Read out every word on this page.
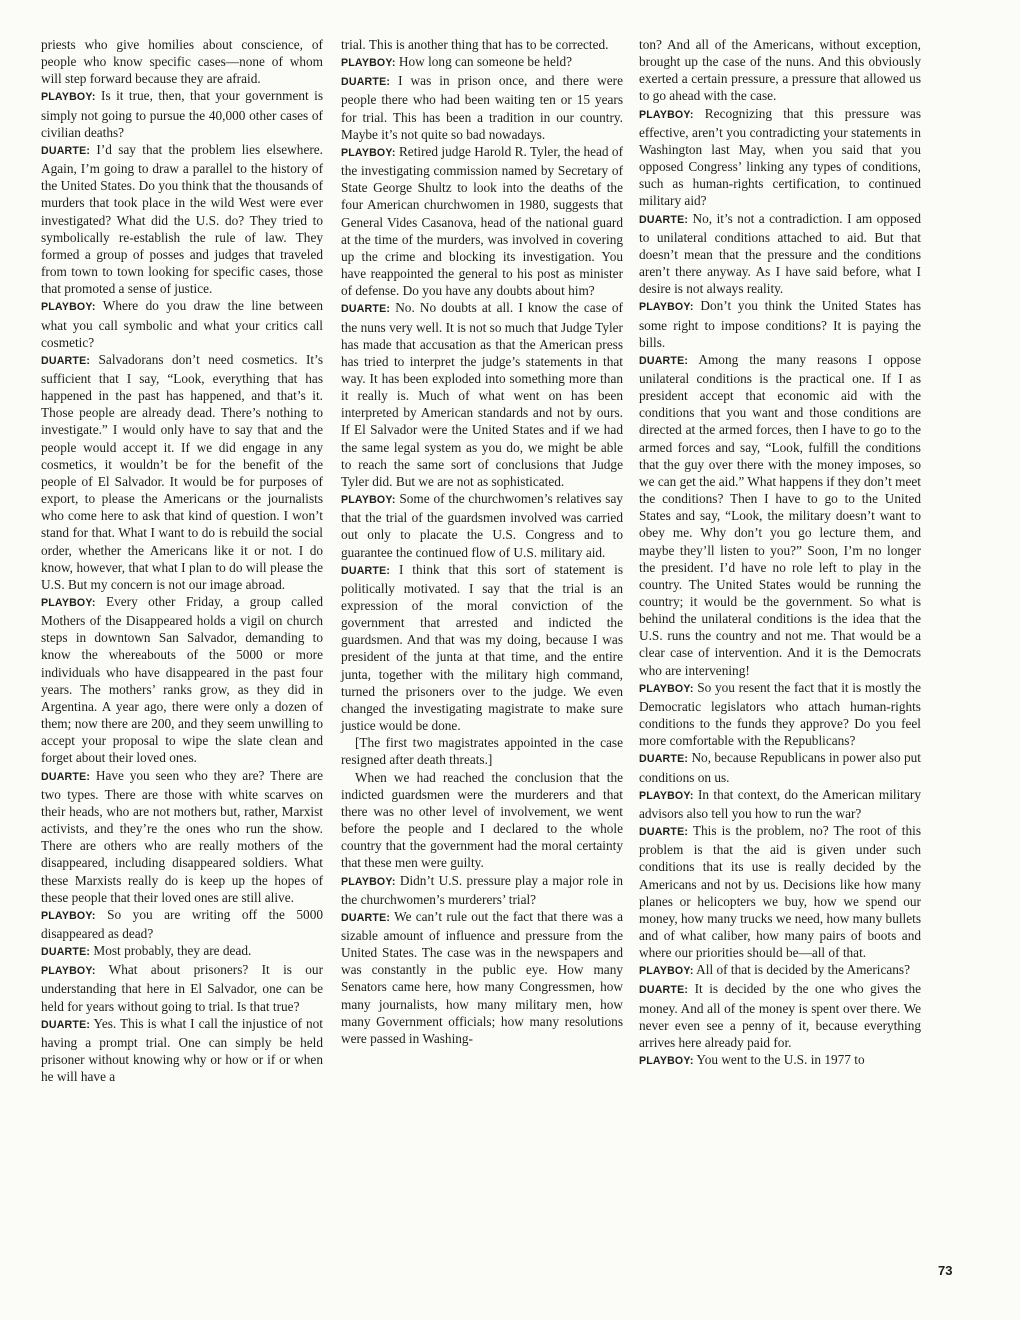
priests who give homilies about conscience, of people who know specific cases—none of whom will step forward because they are afraid.

PLAYBOY: Is it true, then, that your government is simply not going to pursue the 40,000 other cases of civilian deaths?

DUARTE: I’d say that the problem lies elsewhere. Again, I’m going to draw a parallel to the history of the United States. Do you think that the thousands of murders that took place in the wild West were ever investigated? What did the U.S. do? They tried to symbolically re-establish the rule of law. They formed a group of posses and judges that traveled from town to town looking for specific cases, those that promoted a sense of justice.

PLAYBOY: Where do you draw the line between what you call symbolic and what your critics call cosmetic?

DUARTE: Salvadorans don’t need cosmetics. It’s sufficient that I say, “Look, everything that has happened in the past has happened, and that’s it. Those people are already dead. There’s nothing to investigate.” I would only have to say that and the people would accept it. If we did engage in any cosmetics, it wouldn’t be for the benefit of the people of El Salvador. It would be for purposes of export, to please the Americans or the journalists who come here to ask that kind of question. I won’t stand for that. What I want to do is rebuild the social order, whether the Americans like it or not. I do know, however, that what I plan to do will please the U.S. But my concern is not our image abroad.

PLAYBOY: Every other Friday, a group called Mothers of the Disappeared holds a vigil on church steps in downtown San Salvador, demanding to know the whereabouts of the 5000 or more individuals who have disappeared in the past four years. The mothers’ ranks grow, as they did in Argentina. A year ago, there were only a dozen of them; now there are 200, and they seem unwilling to accept your proposal to wipe the slate clean and forget about their loved ones.

DUARTE: Have you seen who they are? There are two types. There are those with white scarves on their heads, who are not mothers but, rather, Marxist activists, and they’re the ones who run the show. There are others who are really mothers of the disappeared, including disappeared soldiers. What these Marxists really do is keep up the hopes of these people that their loved ones are still alive.

PLAYBOY: So you are writing off the 5000 disappeared as dead?

DUARTE: Most probably, they are dead.

PLAYBOY: What about prisoners? It is our understanding that here in El Salvador, one can be held for years without going to trial. Is that true?

DUARTE: Yes. This is what I call the injustice of not having a prompt trial. One can simply be held prisoner without knowing why or how or if or when he will have a

trial. This is another thing that has to be corrected.

PLAYBOY: How long can someone be held?

DUARTE: I was in prison once, and there were people there who had been waiting ten or 15 years for trial. This has been a tradition in our country. Maybe it’s not quite so bad nowadays.

PLAYBOY: Retired judge Harold R. Tyler, the head of the investigating commission named by Secretary of State George Shultz to look into the deaths of the four American churchwomen in 1980, suggests that General Vides Casanova, head of the national guard at the time of the murders, was involved in covering up the crime and blocking its investigation. You have reappointed the general to his post as minister of defense. Do you have any doubts about him?

DUARTE: No. No doubts at all. I know the case of the nuns very well. It is not so much that Judge Tyler has made that accusation as that the American press has tried to interpret the judge’s statements in that way. It has been exploded into something more than it really is. Much of what went on has been interpreted by American standards and not by ours. If El Salvador were the United States and if we had the same legal system as you do, we might be able to reach the same sort of conclusions that Judge Tyler did. But we are not as sophisticated.

PLAYBOY: Some of the churchwomen’s relatives say that the trial of the guardsmen involved was carried out only to placate the U.S. Congress and to guarantee the continued flow of U.S. military aid.

DUARTE: I think that this sort of statement is politically motivated. I say that the trial is an expression of the moral conviction of the government that arrested and indicted the guardsmen. And that was my doing, because I was president of the junta at that time, and the entire junta, together with the military high command, turned the prisoners over to the judge. We even changed the investigating magistrate to make sure justice would be done.

[The first two magistrates appointed in the case resigned after death threats.]

When we had reached the conclusion that the indicted guardsmen were the murderers and that there was no other level of involvement, we went before the people and I declared to the whole country that the government had the moral certainty that these men were guilty.

PLAYBOY: Didn’t U.S. pressure play a major role in the churchwomen’s murderers’ trial?

DUARTE: We can’t rule out the fact that there was a sizable amount of influence and pressure from the United States. The case was in the newspapers and was constantly in the public eye. How many Senators came here, how many Congressmen, how many journalists, how many military men, how many Government officials; how many resolutions were passed in Washing-

ton? And all of the Americans, without exception, brought up the case of the nuns. And this obviously exerted a certain pressure, a pressure that allowed us to go ahead with the case.

PLAYBOY: Recognizing that this pressure was effective, aren’t you contradicting your statements in Washington last May, when you said that you opposed Congress’ linking any types of conditions, such as human-rights certification, to continued military aid?

DUARTE: No, it’s not a contradiction. I am opposed to unilateral conditions attached to aid. But that doesn’t mean that the pressure and the conditions aren’t there anyway. As I have said before, what I desire is not always reality.

PLAYBOY: Don’t you think the United States has some right to impose conditions? It is paying the bills.

DUARTE: Among the many reasons I oppose unilateral conditions is the practical one. If I as president accept that economic aid with the conditions that you want and those conditions are directed at the armed forces, then I have to go to the armed forces and say, “Look, fulfill the conditions that the guy over there with the money imposes, so we can get the aid.” What happens if they don’t meet the conditions? Then I have to go to the United States and say, “Look, the military doesn’t want to obey me. Why don’t you go lecture them, and maybe they’ll listen to you?” Soon, I’m no longer the president. I’d have no role left to play in the country. The United States would be running the country; it would be the government. So what is behind the unilateral conditions is the idea that the U.S. runs the country and not me. That would be a clear case of intervention. And it is the Democrats who are intervening!

PLAYBOY: So you resent the fact that it is mostly the Democratic legislators who attach human-rights conditions to the funds they approve? Do you feel more comfortable with the Republicans?

DUARTE: No, because Republicans in power also put conditions on us.

PLAYBOY: In that context, do the American military advisors also tell you how to run the war?

DUARTE: This is the problem, no? The root of this problem is that the aid is given under such conditions that its use is really decided by the Americans and not by us. Decisions like how many planes or helicopters we buy, how we spend our money, how many trucks we need, how many bullets and of what caliber, how many pairs of boots and where our priorities should be—all of that.

PLAYBOY: All of that is decided by the Americans?

DUARTE: It is decided by the one who gives the money. And all of the money is spent over there. We never even see a penny of it, because everything arrives here already paid for.

PLAYBOY: You went to the U.S. in 1977 to

73
